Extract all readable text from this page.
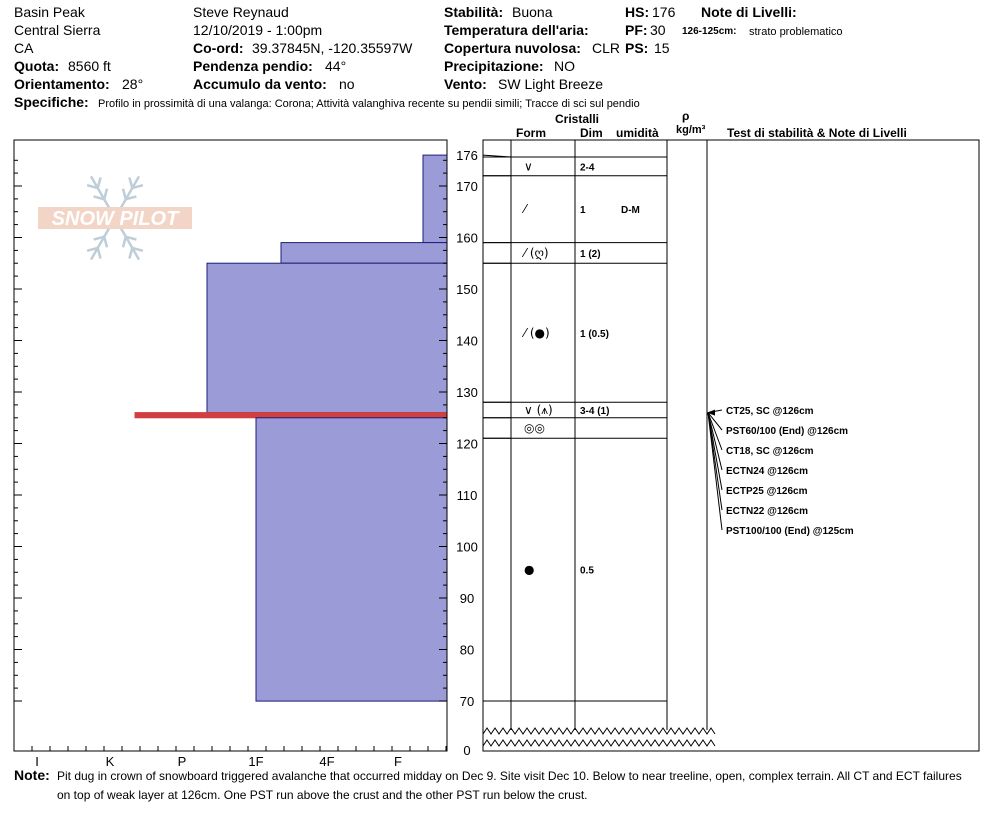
Basin Peak
Central Sierra
CA
Quota: 8560 ft
Orientamento: 28°
Specifiche: Profilo in prossimità di una valanga: Corona; Attività valanghiva recente su pendii simili; Tracce di sci sul pendio
Steve Reynaud
12/10/2019 - 1:00pm
Co-ord: 39.37845N, -120.35597W
Pendenza pendio: 44°
Accumulo da vento: no
Stabilità: Buona
Temperatura dell'aria:
Copertura nuvolosa: CLR
Precipitazione: NO
Vento: SW Light Breeze
HS: 176
PF: 30
PS: 15
Note di Livelli:
126-125cm: strato problematico
Cristalli
Form	Dim umidità
ρ
kg/m³ Test di stabilità & Note di Livelli
SNOW PILOT
176
170
160
150
140
130
120
110
100
90
80
70
0
I	K	P	1F	4F	F
∨	2-4
⁄	1	D-M
⁄ (ღ)	1 (2)
⁄ (●)	1 (0.5)
∨ (⩚)	3-4 (1)
◎◎
●	0.5
CT25, SC @126cm
PST60/100 (End) @126cm
CT18, SC @126cm
ECTN24 @126cm
ECTP25 @126cm
ECTN22 @126cm
PST100/100 (End) @125cm
Note: Pit dug in crown of snowboard triggered avalanche that occurred midday on Dec 9. Site visit Dec 10. Below to near treeline, open, complex terrain. All CT and ECT failures
on top of weak layer at 126cm. One PST run above the crust and the other PST run below the crust.
